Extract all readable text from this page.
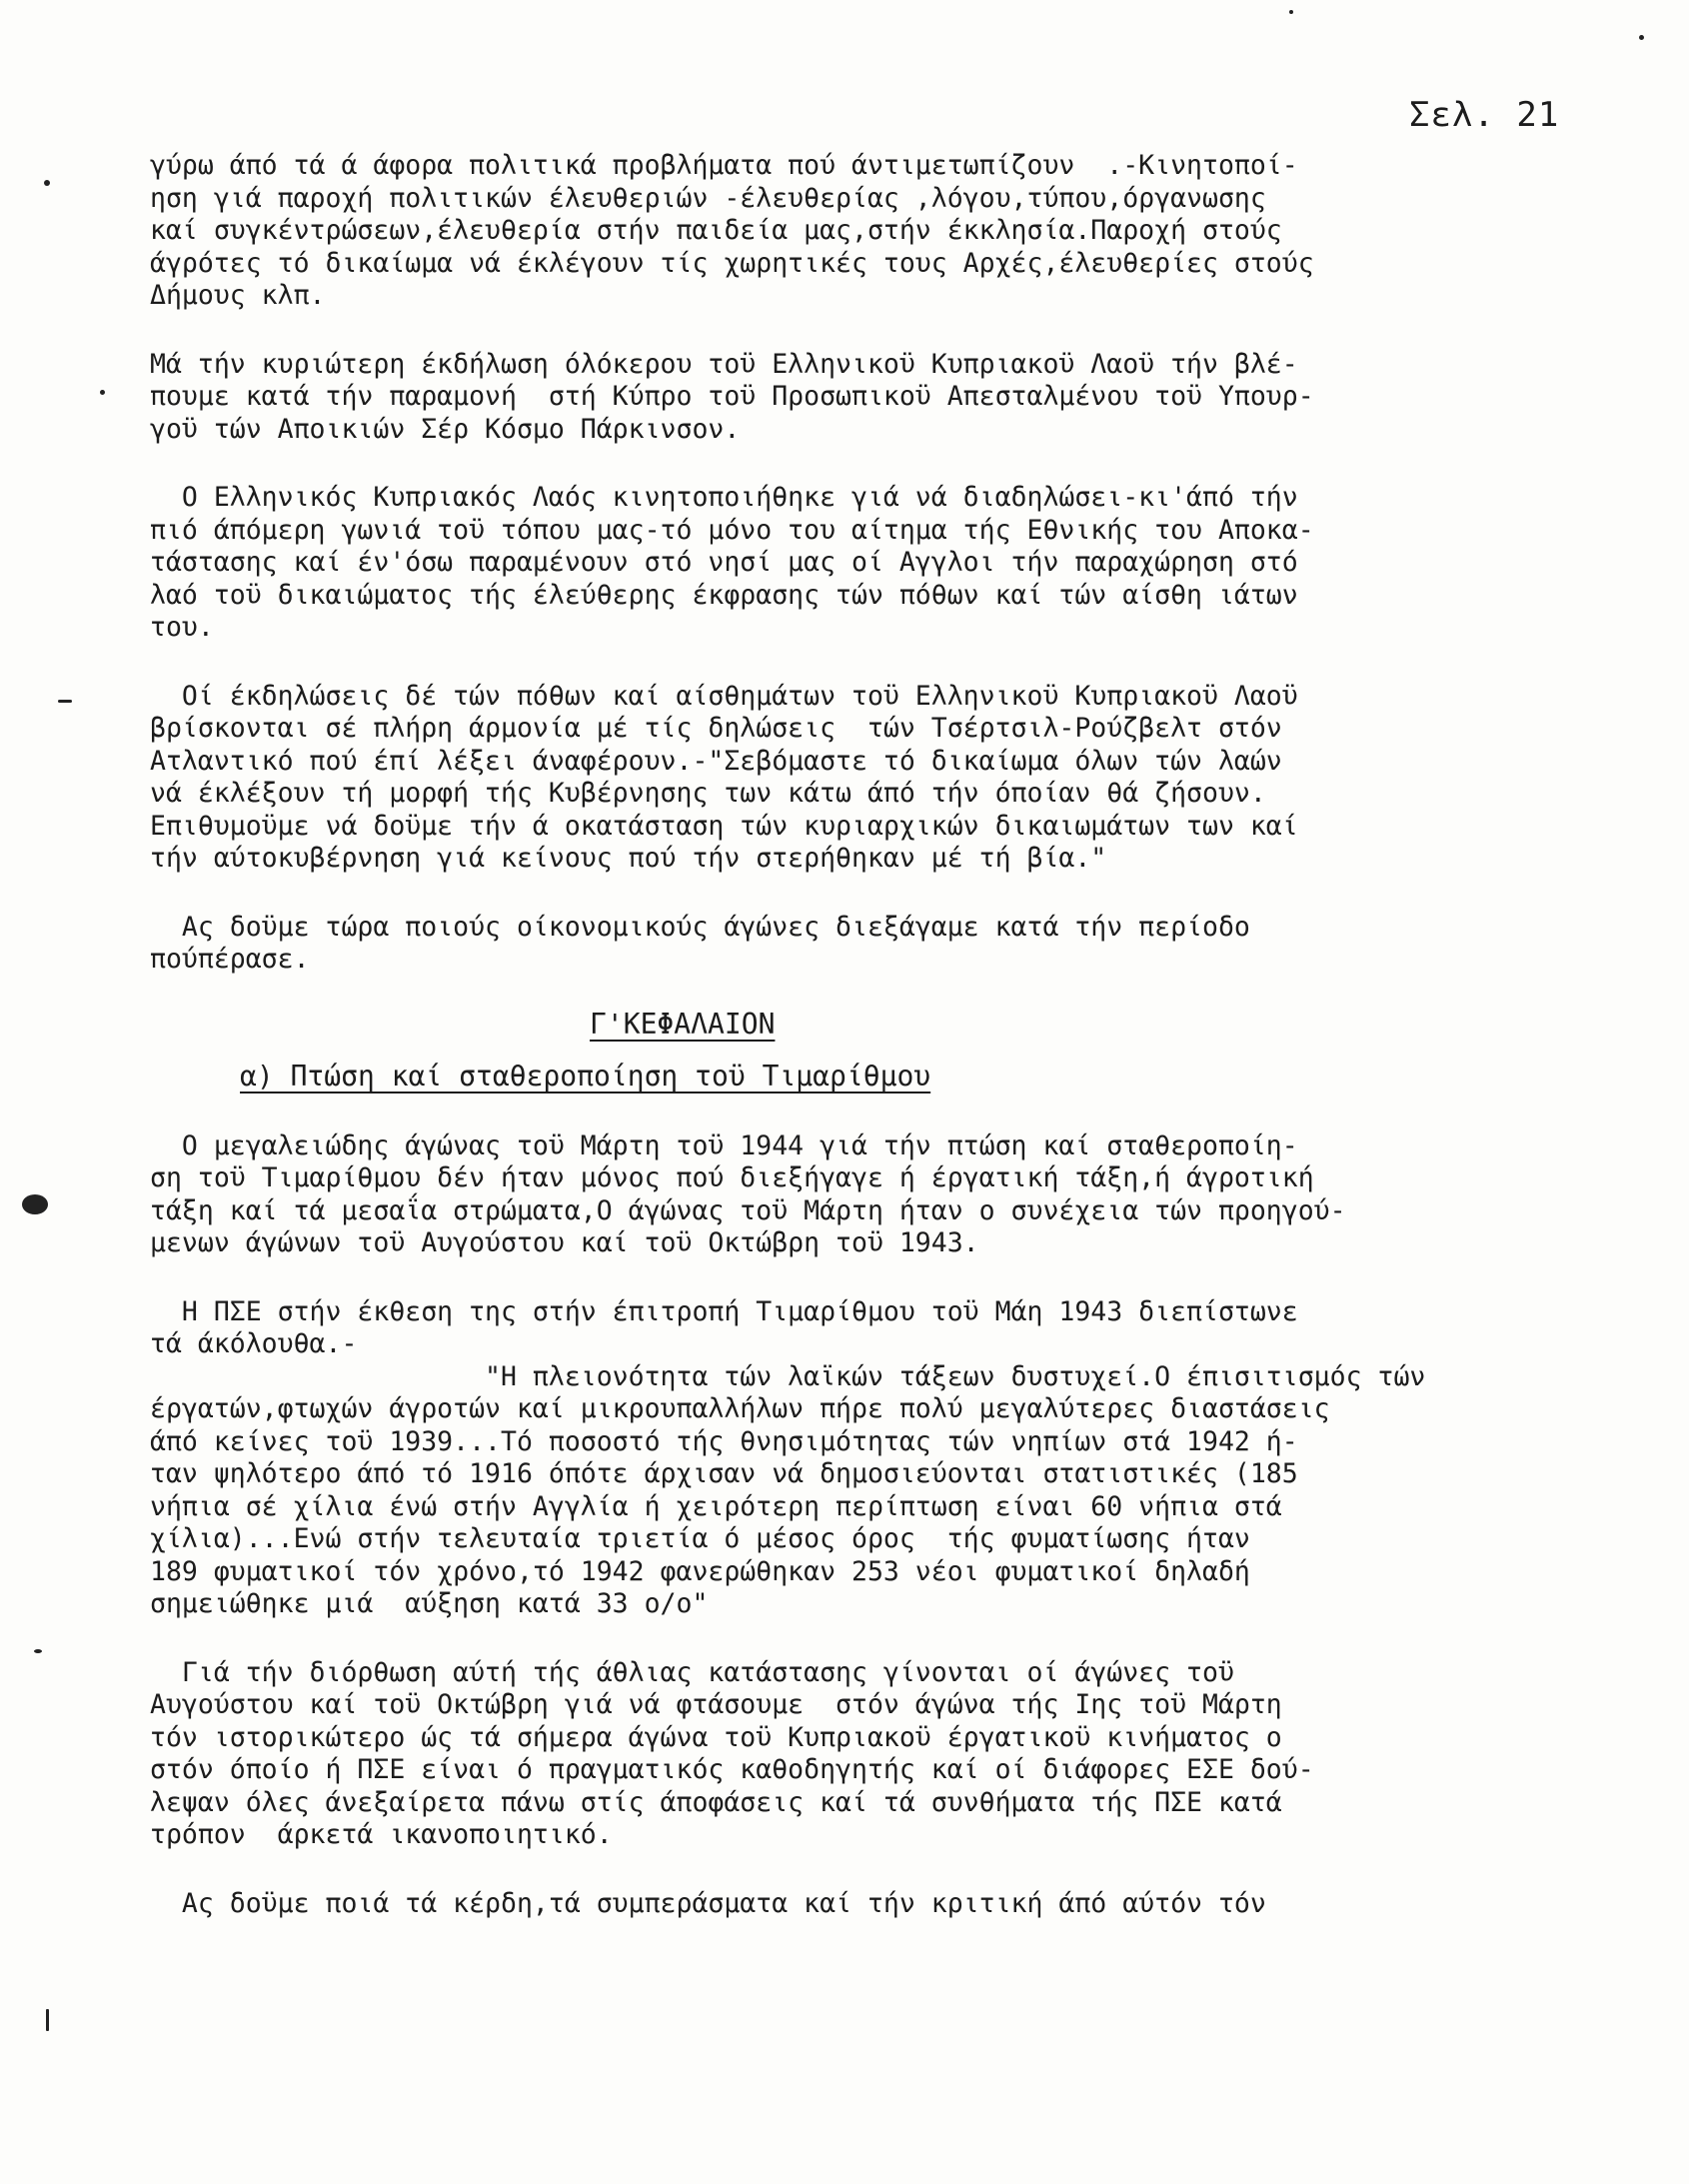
Σελ. 21

γύρω άπό τά ά άφορα πολιτικά προβλήματα πού άντιμετωπίζουν  .-Κινητοποί-
ηση γιά παροχή πολιτικών έλευθεριών -έλευθερίας ,λόγου,τύπου,όργανωσης
καί συγκέντρώσεων,έλευθερία στήν παιδεία μας,στήν έκκλησία.Παροχή στούς
άγρότες τό δικαίωμα νά έκλέγουν τίς χωρητικές τους Αρχές,έλευθερίες στούς
Δήμους κλπ.

Μά τήν κυριώτερη έκδήλωση όλόκερου τοϋ Ελληνικοϋ Κυπριακοϋ Λαοϋ τήν βλέ-
πουμε κατά τήν παραμονή  στή Κύπρο τοϋ Προσωπικοϋ Απεσταλμένου τοϋ Υπουρ-
γοϋ τών Αποικιών Σέρ Κόσμο Πάρκινσον.

Ο Ελληνικός Κυπριακός Λαός κινητοποιήθηκε γιά νά διαδηλώσει-κι'άπό τήν
πιό άπόμερη γωνιά τοϋ τόπου μας-τό μόνο του αίτημα τής Εθνικής του Αποκα-
τάστασης καί έν'όσω παραμένουν στό νησί μας οί Αγγλοι τήν παραχώρηση στό
λαό τοϋ δικαιώματος τής έλεύθερης έκφρασης τών πόθων καί τών αίσθη ιάτων
του.

Οί έκδηλώσεις δέ τών πόθων καί αίσθημάτων τοϋ Ελληνικοϋ Κυπριακοϋ Λαοϋ
βρίσκονται σέ πλήρη άρμονία μέ τίς δηλώσεις  τών Τσέρτσιλ-Ρούζβελτ στόν
Ατλαντικό πού έπί λέξει άναφέρουν.-"Σεβόμαστε τό δικαίωμα όλων τών λαών
νά έκλέξουν τή μορφή τής Κυβέρνησης των κάτω άπό τήν όποίαν θά ζήσουν.
Επιθυμοϋμε νά δοϋμε τήν ά οκατάσταση τών κυριαρχικών δικαιωμάτων των καί
τήν αύτοκυβέρνηση γιά κείνους πού τήν στερήθηκαν μέ τή βία."

Ας δοϋμε τώρα ποιούς οίκονομικούς άγώνες διεξάγαμε κατά τήν περίοδο
πούπέρασε.

Γ'ΚΕΦΑΛΑΙΟΝ

α) Πτώση καί σταθεροποίηση τοϋ Τιμαρίθμου

Ο μεγαλειώδης άγώνας τοϋ Μάρτη τοϋ 1944 γιά τήν πτώση καί σταθεροποίη-
ση τοϋ Τιμαρίθμου δέν ήταν μόνος πού διεξήγαγε ή έργατική τάξη,ή άγροτική
τάξη καί τά μεσαΐα στρώματα,Ο άγώνας τοϋ Μάρτη ήταν ο συνέχεια τών προηγού-
μενων άγώνων τοϋ Αυγούστου καί τοϋ Οκτώβρη τοϋ 1943.

Η ΠΣΕ στήν έκθεση της στήν έπιτροπή Τιμαρίθμου τοϋ Μάη 1943 διεπίστωνε
τά άκόλουθα.-

"Η πλειονότητα τών λαϊκών τάξεων δυστυχεί.Ο έπισιτισμός τών
έργατών,φτωχών άγροτών καί μικρουπαλλήλων πήρε πολύ μεγαλύτερες διαστάσεις
άπό κείνες τοϋ 1939...Τό ποσοστό τής θνησιμότητας τών νηπίων στά 1942 ή-
ταν ψηλότερο άπό τό 1916 όπότε άρχισαν νά δημοσιεύονται στατιστικές (185
νήπια σέ χίλια ένώ στήν Αγγλία ή χειρότερη περίπτωση είναι 60 νήπια στά
χίλια)...Ενώ στήν τελευταία τριετία ό μέσος όρος  τής φυματίωσης ήταν
189 φυματικοί τόν χρόνο,τό 1942 φανερώθηκαν 253 νέοι φυματικοί δηλαδή
σημειώθηκε μιά  αύξηση κατά 33 ο/ο"

Γιά τήν διόρθωση αύτή τής άθλιας κατάστασης γίνονται οί άγώνες τοϋ
Αυγούστου καί τοϋ Οκτώβρη γιά νά φτάσουμε  στόν άγώνα τής Ιης τοϋ Μάρτη
τόν ιστορικώτερο ώς τά σήμερα άγώνα τοϋ Κυπριακοϋ έργατικοϋ κινήματος ο
στόν όποίο ή ΠΣΕ είναι ό πραγματικός καθοδηγητής καί οί διάφορες ΕΣΕ δού-
λεψαν όλες άνεξαίρετα πάνω στίς άποφάσεις καί τά συνθήματα τής ΠΣΕ κατά
τρόπον  άρκετά ικανοποιητικό.

Ας δοϋμε ποιά τά κέρδη,τά συμπεράσματα καί τήν κριτική άπό αύτόν τόν
